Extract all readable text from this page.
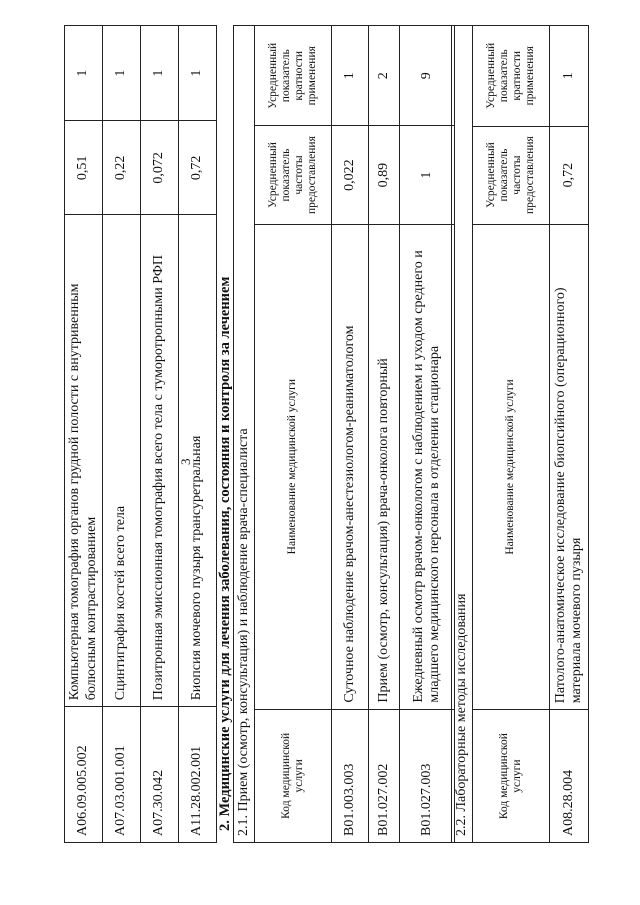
3
А06.09.005.002	Компьютерная томография органов грудной полости с внутривенным болюсным контрастированием	0,51	1
А07.03.001.001	Сцинтиграфия костей всего тела	0,22	1
А07.30.042	Позитронная эмиссионная томография всего тела с туморотропными РФП	0,072	1
А11.28.002.001	Биопсия мочевого пузыря трансуретральная	0,72	1
2. Медицинские услуги для лечения заболевания, состояния и контроля за лечением 2.1. Прием (осмотр, консультация) и наблюдение врача-специалиста			
Код медицинской услуги	Наименование медицинской услуги	Усредненный показатель частоты предоставления	Усредненный показатель кратности применения
В01.003.003	Суточное наблюдение врачом-анестезиологом-реаниматологом	0,022	1
В01.027.002	Прием (осмотр, консультация) врача-онколога повторный	0,89	2
В01.027.003	Ежедневный осмотр врачом-онкологом с наблюдением и уходом среднего и младшего медицинского персонала в отделении стационара	1	9
2.2. Лабораторные методы исследования			
Код медицинской услуги	Наименование медицинской услуги	Усредненный показатель частоты предоставления	Усредненный показатель кратности применения
А08.28.004	Патолого-анатомическое исследование биопсийного (операционного) материала мочевого пузыря	0,72	1
